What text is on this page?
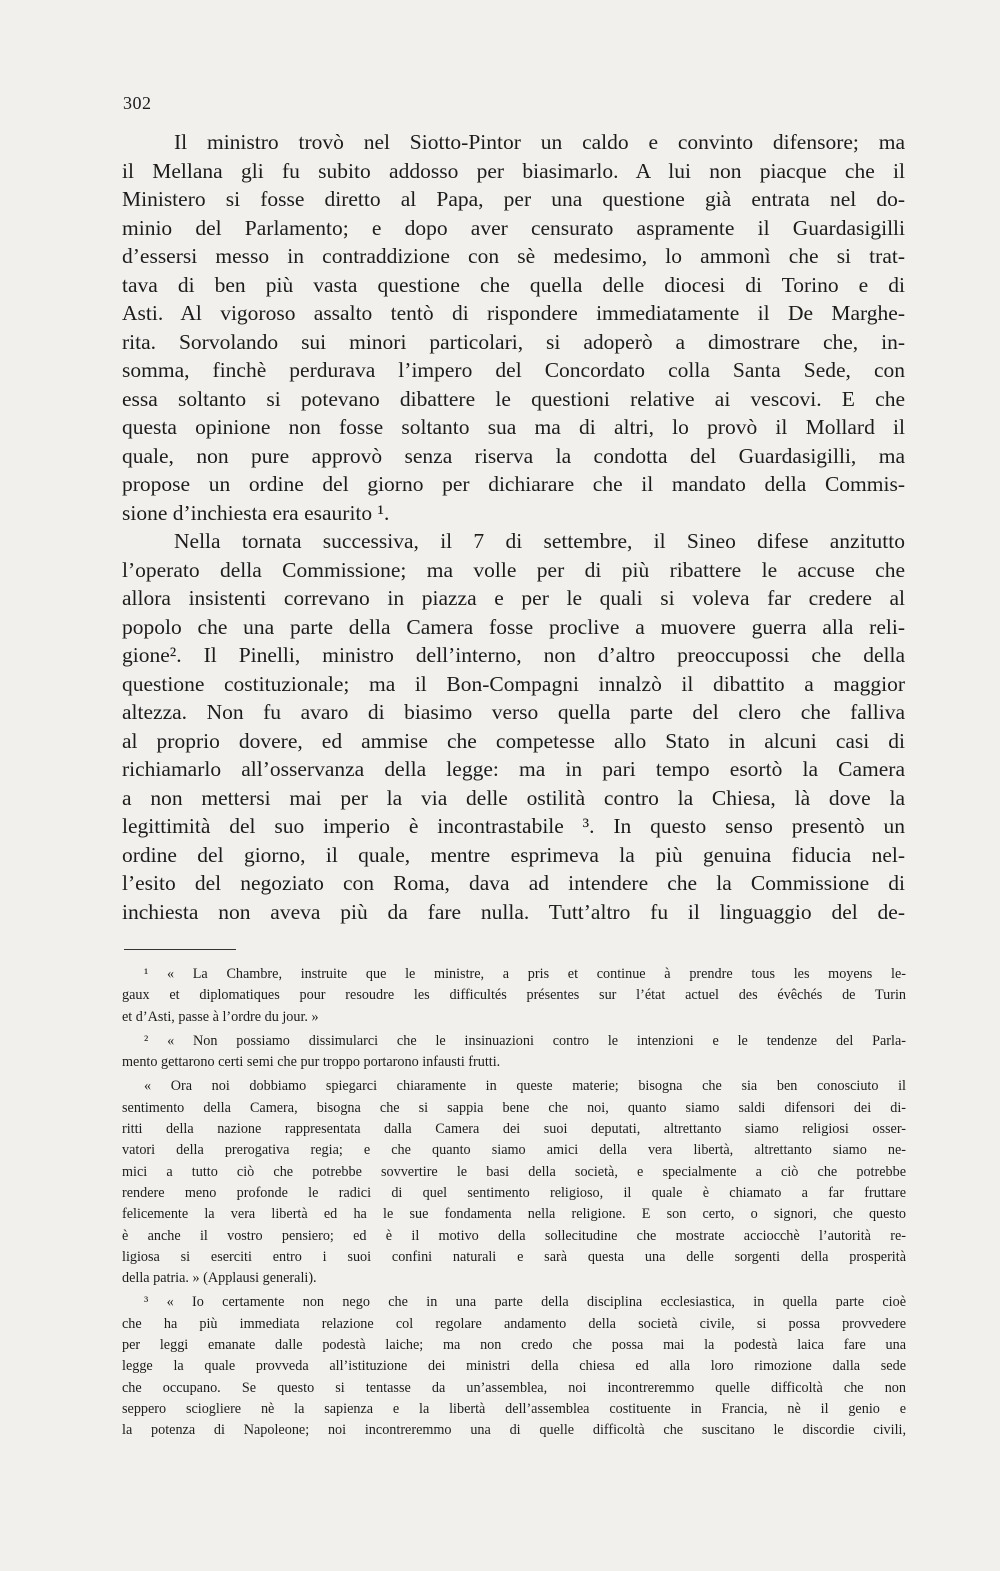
302
Il ministro trovò nel Siotto-Pintor un caldo e convinto difensore; ma
il Mellana gli fu subito addosso per biasimarlo. A lui non piacque che il
Ministero si fosse diretto al Papa, per una questione già entrata nel do-
minio del Parlamento; e dopo aver censurato aspramente il Guardasigilli
d’essersi messo in contraddizione con sè medesimo, lo ammonì che si trat-
tava di ben più vasta questione che quella delle diocesi di Torino e di
Asti. Al vigoroso assalto tentò di rispondere immediatamente il De Marghe-
rita. Sorvolando sui minori particolari, si adoperò a dimostrare che, in-
somma, finchè perdurava l’impero del Concordato colla Santa Sede, con
essa soltanto si potevano dibattere le questioni relative ai vescovi. E che
questa opinione non fosse soltanto sua ma di altri, lo provò il Mollard il
quale, non pure approvò senza riserva la condotta del Guardasigilli, ma
propose un ordine del giorno per dichiarare che il mandato della Commis-
sione d’inchiesta era esaurito ¹.
Nella tornata successiva, il 7 di settembre, il Sineo difese anzitutto
l’operato della Commissione; ma volle per di più ribattere le accuse che
allora insistenti correvano in piazza e per le quali si voleva far credere al
popolo che una parte della Camera fosse proclive a muovere guerra alla reli-
gione². Il Pinelli, ministro dell’interno, non d’altro preoccupossi che della
questione costituzionale; ma il Bon-Compagni innalzò il dibattito a maggior
altezza. Non fu avaro di biasimo verso quella parte del clero che falliva
al proprio dovere, ed ammise che competesse allo Stato in alcuni casi di
richiamarlo all’osservanza della legge: ma in pari tempo esortò la Camera
a non mettersi mai per la via delle ostilità contro la Chiesa, là dove la
legittimità del suo imperio è incontrastabile ³. In questo senso presentò un
ordine del giorno, il quale, mentre esprimeva la più genuina fiducia nel-
l’esito del negoziato con Roma, dava ad intendere che la Commissione di
inchiesta non aveva più da fare nulla. Tutt’altro fu il linguaggio del de-
¹ « La Chambre, instruite que le ministre, a pris et continue à prendre tous les moyens le-
gaux et diplomatiques pour resoudre les difficultés présentes sur l’état actuel des évêchés de Turin
et d’Asti, passe à l’ordre du jour. »
² « Non possiamo dissimularci che le insinuazioni contro le intenzioni e le tendenze del Parla-
mento gettarono certi semi che pur troppo portarono infausti frutti.
« Ora noi dobbiamo spiegarci chiaramente in queste materie; bisogna che sia ben conosciuto il
sentimento della Camera, bisogna che si sappia bene che noi, quanto siamo saldi difensori dei di-
ritti della nazione rappresentata dalla Camera dei suoi deputati, altrettanto siamo religiosi osser-
vatori della prerogativa regia; e che quanto siamo amici della vera libertà, altrettanto siamo ne-
mici a tutto ciò che potrebbe sovvertire le basi della società, e specialmente a ciò che potrebbe
rendere meno profonde le radici di quel sentimento religioso, il quale è chiamato a far fruttare
felicemente la vera libertà ed ha le sue fondamenta nella religione. E son certo, o signori, che questo
è anche il vostro pensiero; ed è il motivo della sollecitudine che mostrate acciocchè l’autorità re-
ligiosa si eserciti entro i suoi confini naturali e sarà questa una delle sorgenti della prosperità
della patria. » (Applausi generali).
³ « Io certamente non nego che in una parte della disciplina ecclesiastica, in quella parte cioè
che ha più immediata relazione col regolare andamento della società civile, si possa provvedere
per leggi emanate dalle podestà laiche; ma non credo che possa mai la podestà laica fare una
legge la quale provveda all’istituzione dei ministri della chiesa ed alla loro rimozione dalla sede
che occupano. Se questo si tentasse da un’assemblea, noi incontreremmo quelle difficoltà che non
seppero sciogliere nè la sapienza e la libertà dell’assemblea costituente in Francia, nè il genio e
la potenza di Napoleone; noi incontreremmo una di quelle difficoltà che suscitano le discordie civili,
